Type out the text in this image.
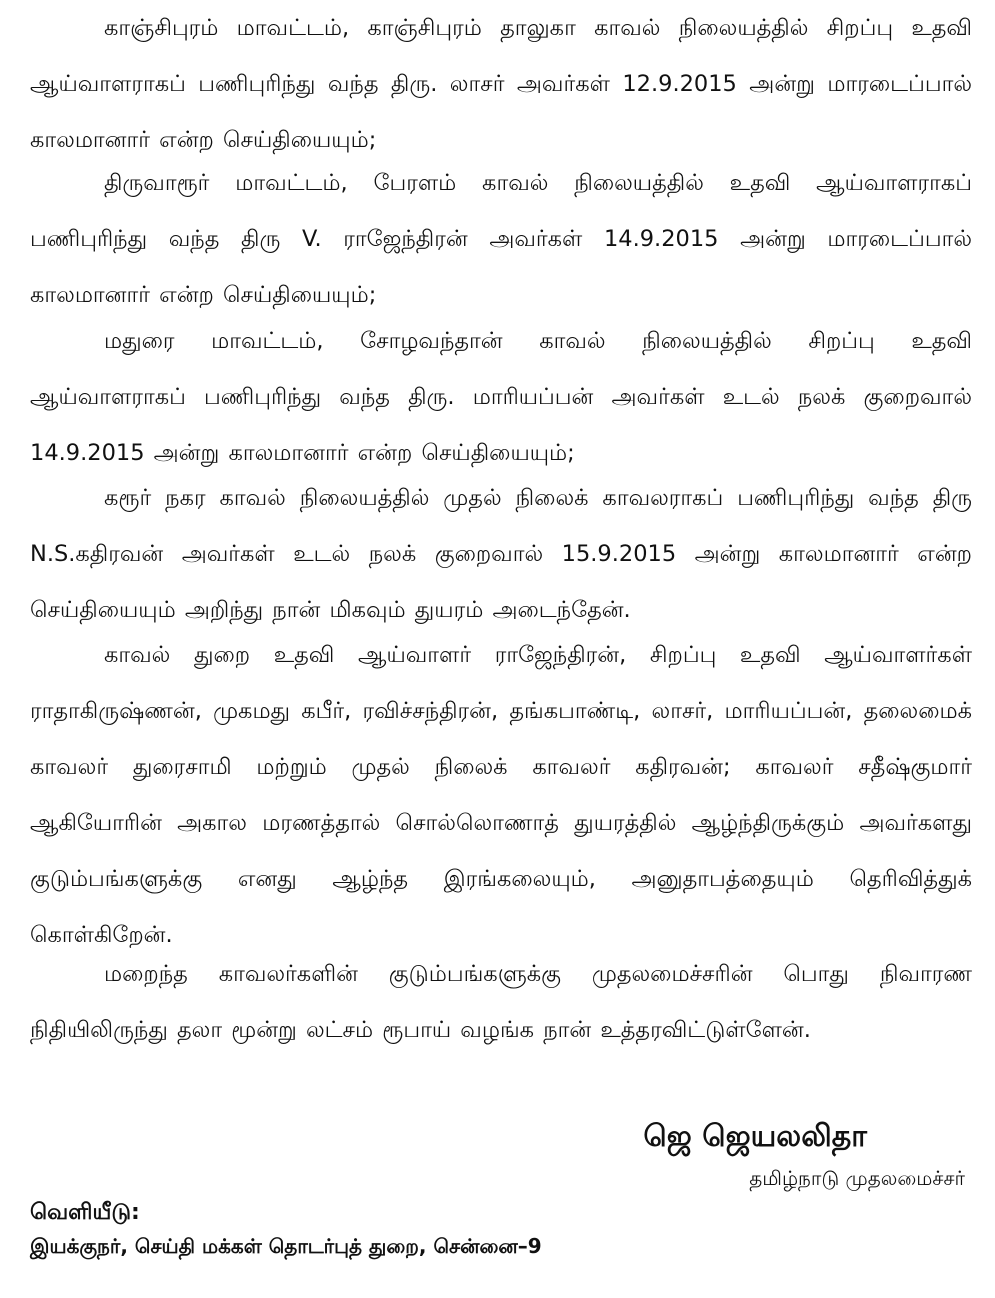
காஞ்சிபுரம் மாவட்டம், காஞ்சிபுரம் தாலுகா காவல் நிலையத்தில் சிறப்பு உதவி ஆய்வாளராகப் பணிபுரிந்து வந்த திரு. லாசர் அவர்கள் 12.9.2015 அன்று மாரடைப்பால் காலமானார் என்ற செய்தியையும்;

திருவாரூர் மாவட்டம், பேரளம் காவல் நிலையத்தில் உதவி ஆய்வாளராகப் பணிபுரிந்து வந்த திரு V. ராஜேந்திரன் அவர்கள் 14.9.2015 அன்று மாரடைப்பால் காலமானார் என்ற செய்தியையும்;

மதுரை மாவட்டம், சோழவந்தான் காவல் நிலையத்தில் சிறப்பு உதவி ஆய்வாளராகப் பணிபுரிந்து வந்த திரு. மாரியப்பன் அவர்கள் உடல் நலக் குறைவால் 14.9.2015 அன்று காலமானார் என்ற செய்தியையும்;

கரூர் நகர காவல் நிலையத்தில் முதல் நிலைக் காவலராகப் பணிபுரிந்து வந்த திரு N.S.கதிரவன் அவர்கள் உடல் நலக் குறைவால் 15.9.2015 அன்று காலமானார் என்ற செய்தியையும் அறிந்து நான் மிகவும் துயரம் அடைந்தேன்.

காவல் துறை உதவி ஆய்வாளர் ராஜேந்திரன், சிறப்பு உதவி ஆய்வாளர்கள் ராதாகிருஷ்ணன், முகமது கபீர், ரவிச்சந்திரன், தங்கபாண்டி, லாசர், மாரியப்பன், தலைமைக் காவலர் துரைசாமி மற்றும் முதல் நிலைக் காவலர் கதிரவன்; காவலர் சதீஷ்குமார் ஆகியோரின் அகால மரணத்தால் சொல்லொணாத் துயரத்தில் ஆழ்ந்திருக்கும் அவர்களது குடும்பங்களுக்கு எனது ஆழ்ந்த இரங்கலையும், அனுதாபத்தையும் தெரிவித்துக் கொள்கிறேன்.

மறைந்த காவலர்களின் குடும்பங்களுக்கு முதலமைச்சரின் பொது நிவாரண நிதியிலிருந்து தலா மூன்று லட்சம் ரூபாய் வழங்க நான் உத்தரவிட்டுள்ளேன்.

ஜெ ஜெயலலிதா

தமிழ்நாடு முதலமைச்சர்

வெளியீடு:

இயக்குநர், செய்தி மக்கள் தொடர்புத் துறை, சென்னை–9
